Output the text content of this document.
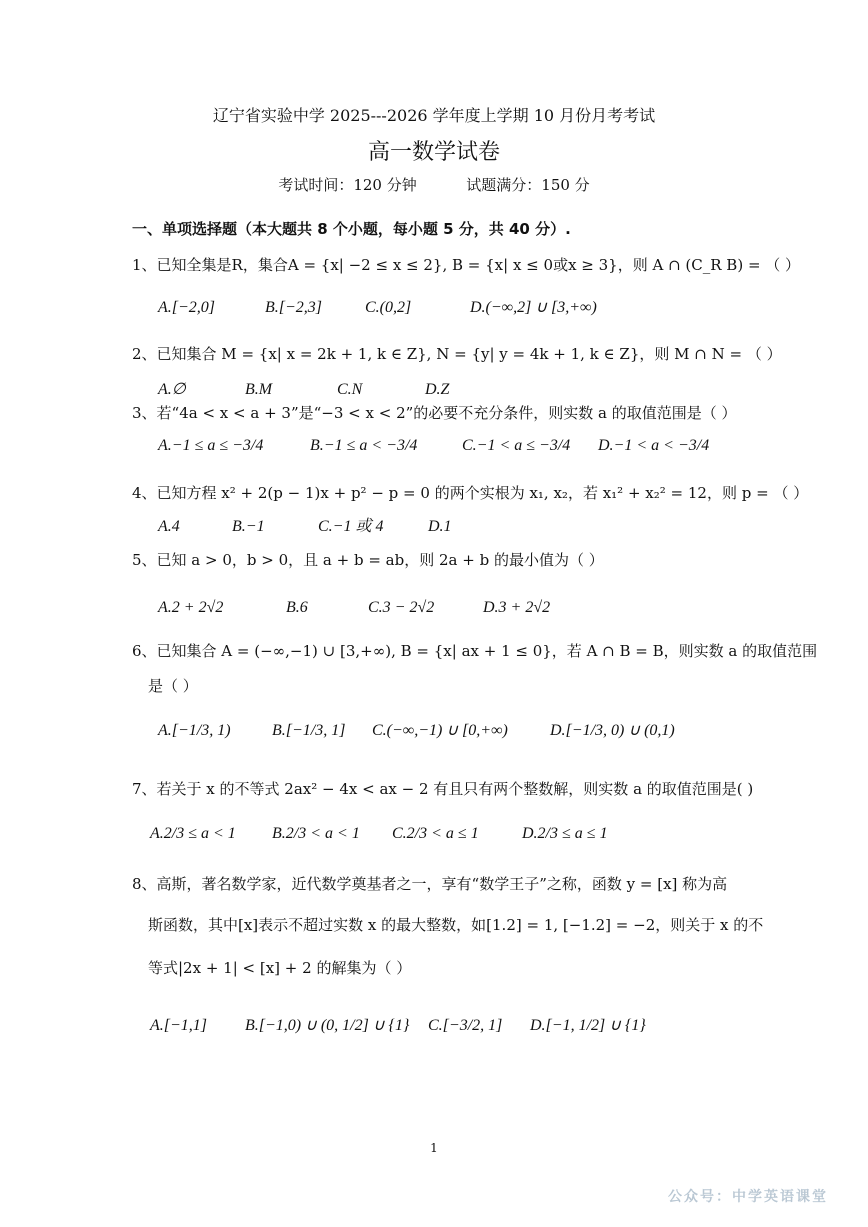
辽宁省实验中学 2025---2026 学年度上学期 10 月份月考考试
高一数学试卷
考试时间：120 分钟	试题满分：150 分
一、单项选择题（本大题共 8 个小题，每小题 5 分，共 40 分）.
1、已知全集是R，集合A = {x| −2 ≤ x ≤ 2}, B = {x| x ≤ 0或x ≥ 3}，则 A ∩ (C_R B) = （ ）
A.[−2,0]	B.[−2,3]	C.(0,2]	D.(−∞,2] ∪ [3,+∞)
2、已知集合 M = {x| x = 2k + 1, k ∈ Z}, N = {y| y = 4k + 1, k ∈ Z}，则 M ∩ N = （ ）
A.∅	B.M	C.N	D.Z
3、若“4a < x < a + 3”是“−3 < x < 2”的必要不充分条件，则实数 a 的取值范围是（ ）
A.−1 ≤ a ≤ −3/4	B.−1 ≤ a < −3/4	C.−1 < a ≤ −3/4 D.−1 < a < −3/4
4、已知方程 x² + 2(p − 1)x + p² − p = 0 的两个实根为 x₁, x₂，若 x₁² + x₂² = 12，则 p = （ ）
A.4	B.−1	C.−1 或 4	D.1
5、已知 a > 0，b > 0，且 a + b = ab，则 2a + b 的最小值为（ ）
A.2 + 2√2	B.6	C.3 − 2√2	D.3 + 2√2
6、已知集合 A = (−∞,−1) ∪ [3,+∞), B = {x| ax + 1 ≤ 0}，若 A ∩ B = B，则实数 a 的取值范围
是（ ）
A.[−1/3, 1)	B.[−1/3, 1] C.(−∞,−1) ∪ [0,+∞)	D.[−1/3, 0) ∪ (0,1)
7、若关于 x 的不等式 2ax² − 4x < ax − 2 有且只有两个整数解，则实数 a 的取值范围是( )
A.2/3 ≤ a < 1 B.2/3 < a < 1 C.2/3 < a ≤ 1	D.2/3 ≤ a ≤ 1
8、高斯，著名数学家，近代数学奠基者之一，享有“数学王子”之称，函数 y = [x] 称为高
斯函数，其中[x]表示不超过实数 x 的最大整数，如[1.2] = 1, [−1.2] = −2，则关于 x 的不
等式|2x + 1| < [x] + 2 的解集为（ ）
A.[−1,1] B.[−1,0) ∪ (0, 1/2] ∪ {1} C.[−3/2, 1] D.[−1, 1/2] ∪ {1}
1
公众号：中学英语课堂
